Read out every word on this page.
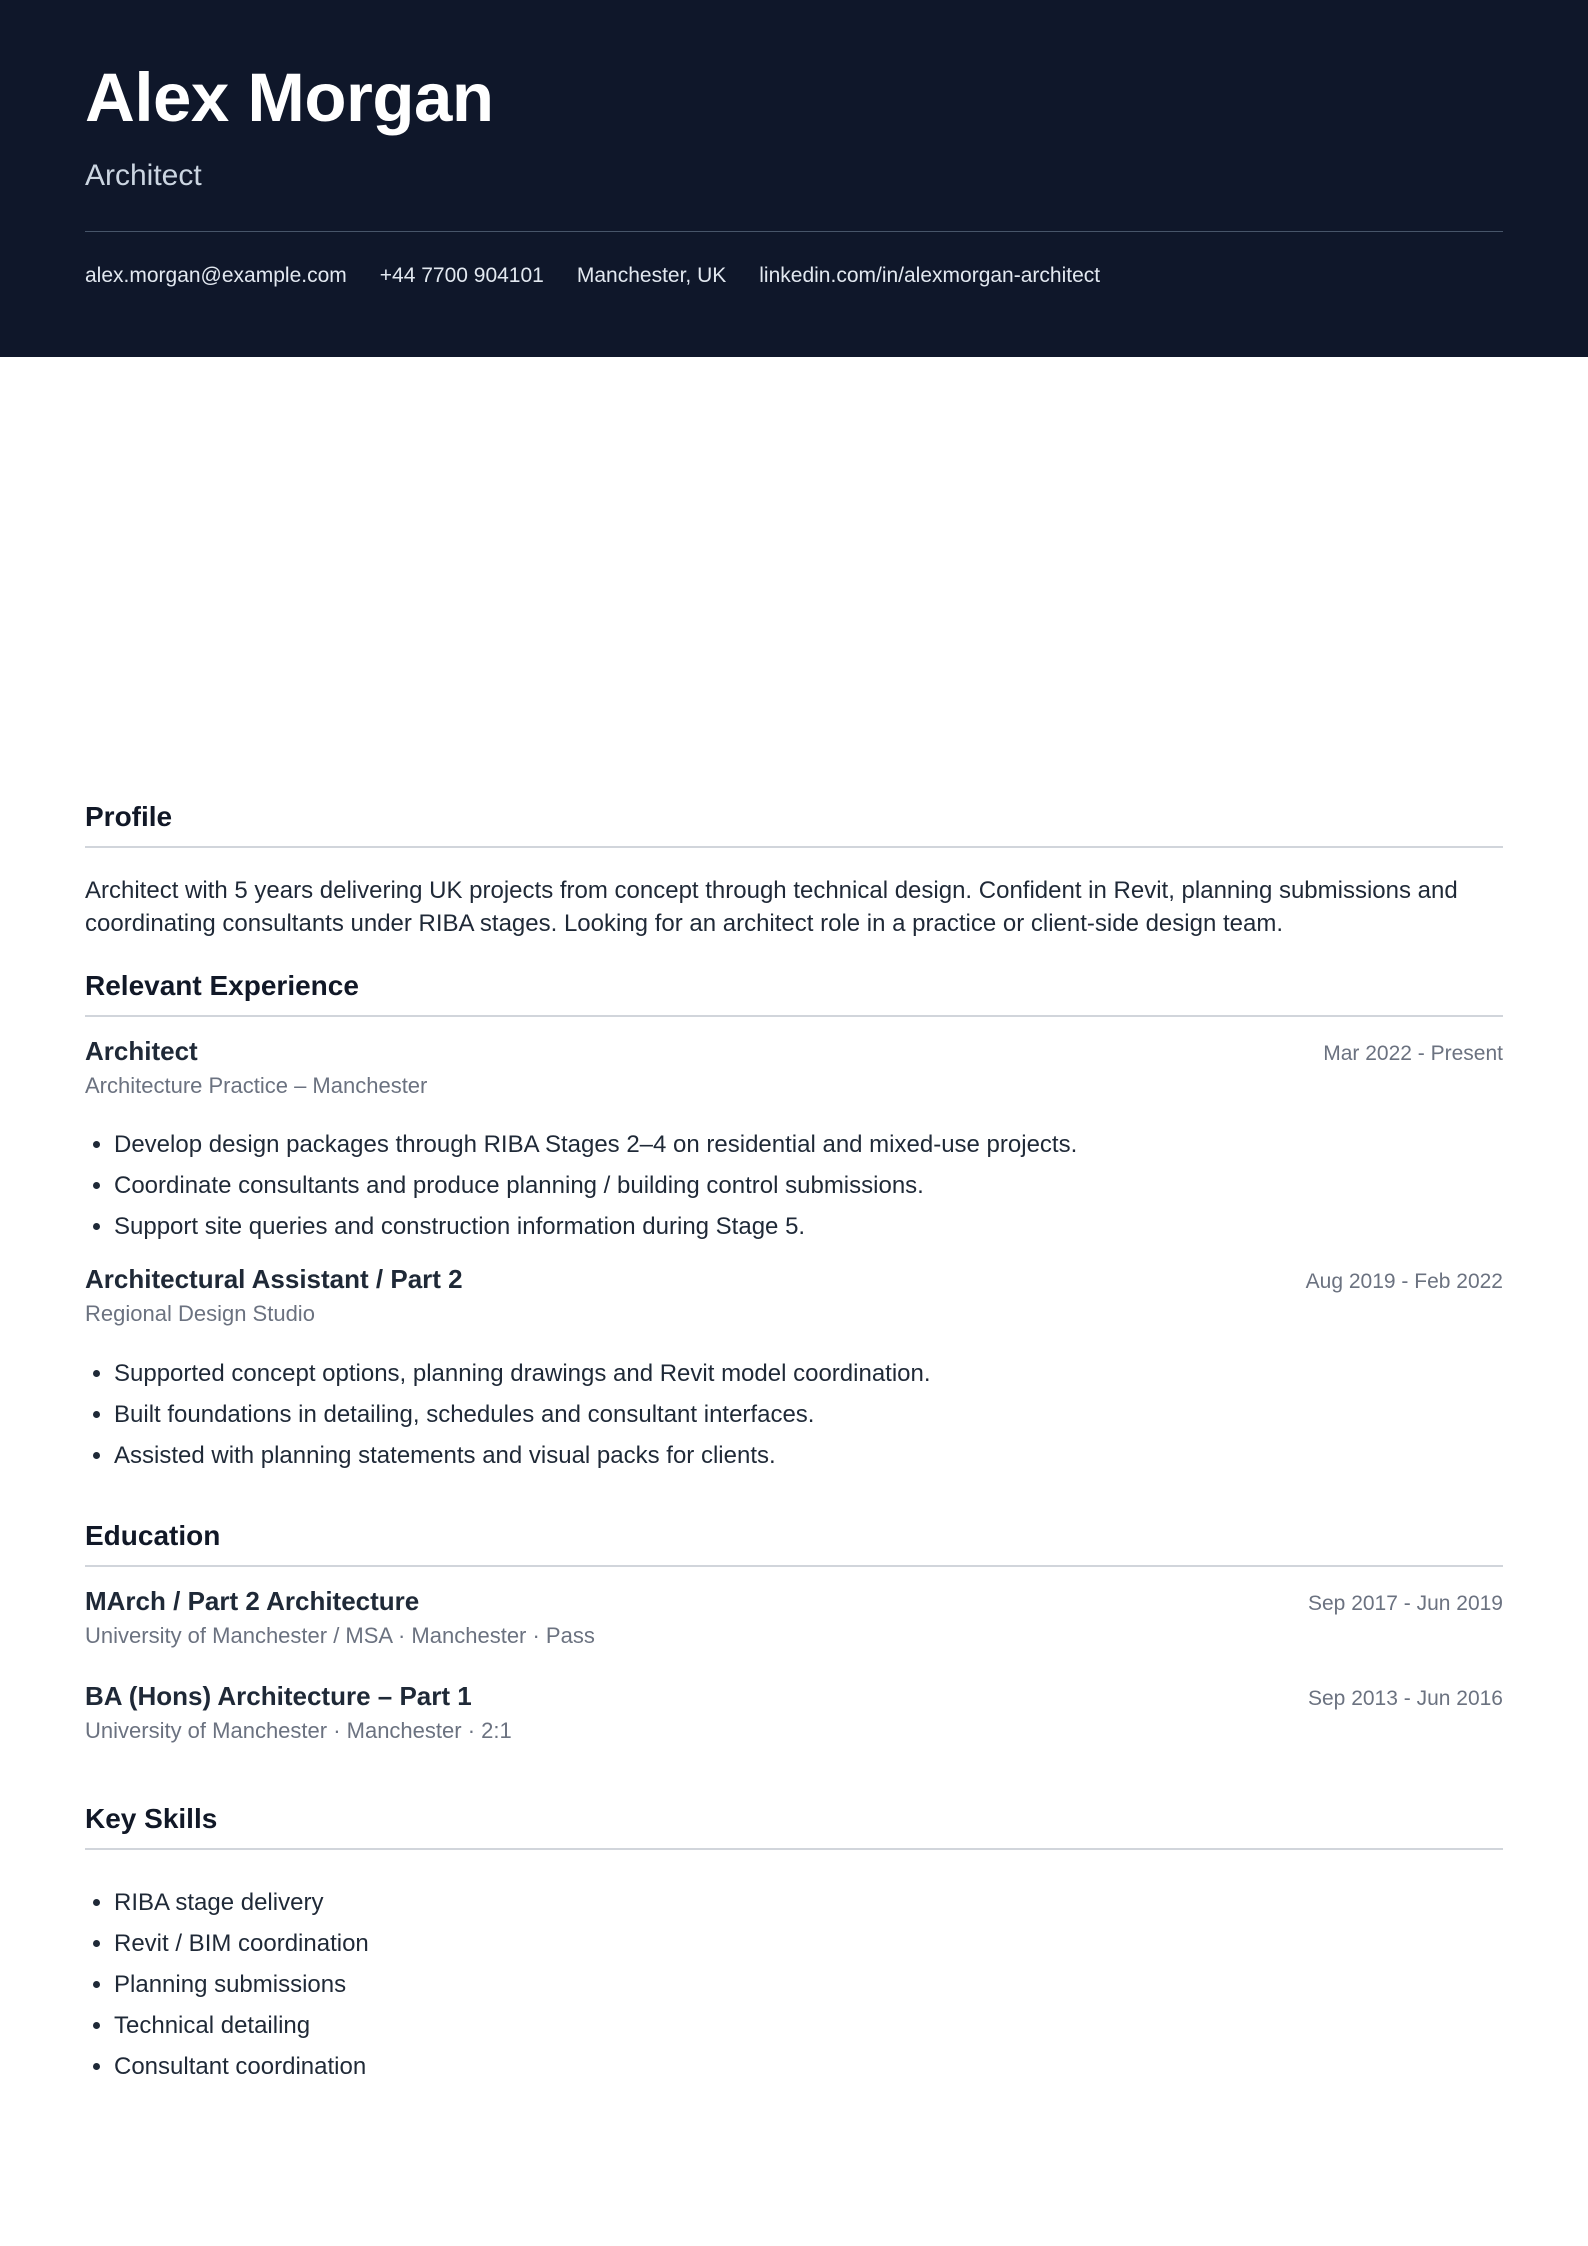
Alex Morgan
Architect
alex.morgan@example.com +44 7700 904101 Manchester, UK linkedin.com/in/alexmorgan-architect
Profile

Architect with 5 years delivering UK projects from concept through technical design. Confident in Revit, planning submissions and coordinating consultants under RIBA stages. Looking for an architect role in a practice or client-side design team.

Relevant Experience
Architect	Mar 2022 - Present
Architecture Practice – Manchester
• Develop design packages through RIBA Stages 2–4 on residential and mixed-use projects.
• Coordinate consultants and produce planning / building control submissions.
• Support site queries and construction information during Stage 5.
Architectural Assistant / Part 2	Aug 2019 - Feb 2022
Regional Design Studio
• Supported concept options, planning drawings and Revit model coordination.
• Built foundations in detailing, schedules and consultant interfaces.
• Assisted with planning statements and visual packs for clients.
Education
MArch / Part 2 Architecture	Sep 2017 - Jun 2019
University of Manchester / MSA · Manchester · Pass
BA (Hons) Architecture – Part 1	Sep 2013 - Jun 2016
University of Manchester · Manchester · 2:1
Key Skills
• RIBA stage delivery
• Revit / BIM coordination
• Planning submissions
• Technical detailing
• Consultant coordination
